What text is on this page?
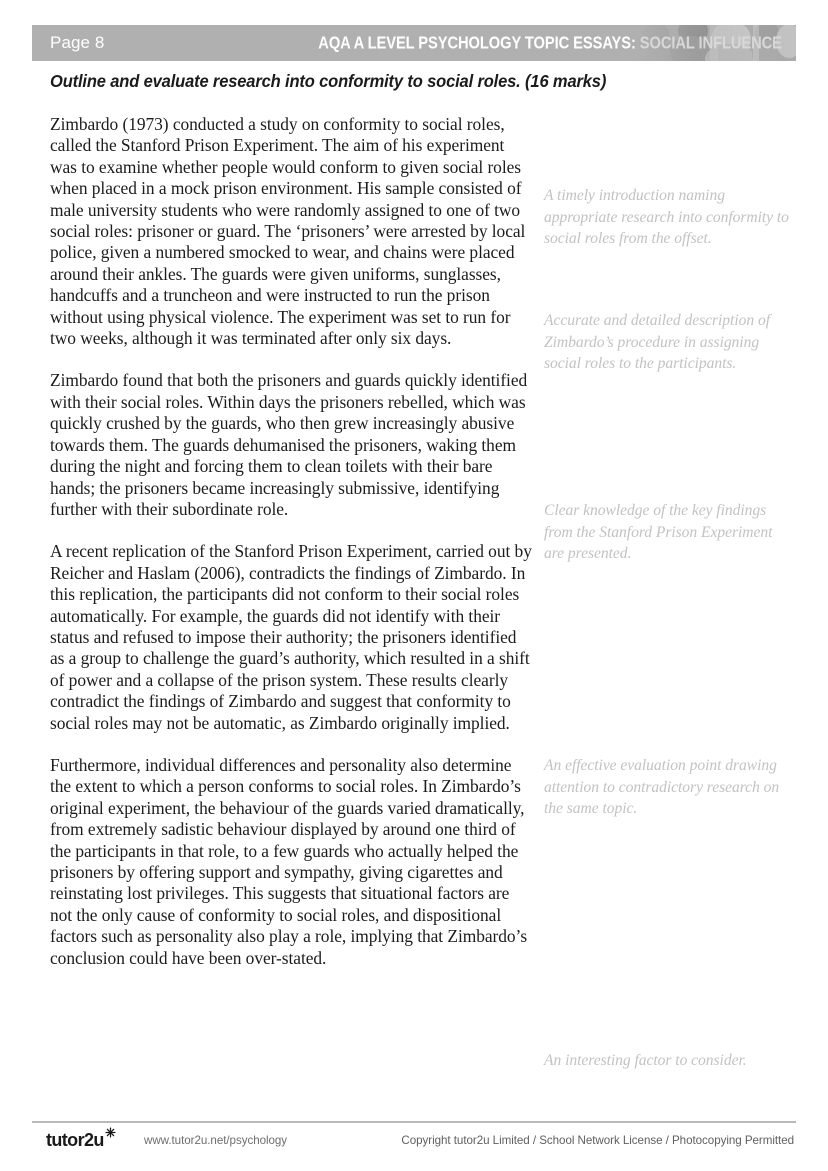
Page 8	AQA A LEVEL PSYCHOLOGY TOPIC ESSAYS: SOCIAL INFLUENCE
Outline and evaluate research into conformity to social roles. (16 marks)

Zimbardo (1973) conducted a study on conformity to social roles, called the Stanford Prison Experiment. The aim of his experiment was to examine whether people would conform to given social roles when placed in a mock prison environment. His sample consisted of male university students who were randomly assigned to one of two social roles: prisoner or guard. The ‘prisoners’ were arrested by local police, given a numbered smocked to wear, and chains were placed around their ankles. The guards were given uniforms, sunglasses, handcuffs and a truncheon and were instructed to run the prison without using physical violence. The experiment was set to run for two weeks, although it was terminated after only six days.

Zimbardo found that both the prisoners and guards quickly identified with their social roles. Within days the prisoners rebelled, which was quickly crushed by the guards, who then grew increasingly abusive towards them. The guards dehumanised the prisoners, waking them during the night and forcing them to clean toilets with their bare hands; the prisoners became increasingly submissive, identifying further with their subordinate role.

A recent replication of the Stanford Prison Experiment, carried out by Reicher and Haslam (2006), contradicts the findings of Zimbardo. In this replication, the participants did not conform to their social roles automatically. For example, the guards did not identify with their status and refused to impose their authority; the prisoners identified as a group to challenge the guard’s authority, which resulted in a shift of power and a collapse of the prison system. These results clearly contradict the findings of Zimbardo and suggest that conformity to social roles may not be automatic, as Zimbardo originally implied.

Furthermore, individual differences and personality also determine the extent to which a person conforms to social roles. In Zimbardo’s original experiment, the behaviour of the guards varied dramatically, from extremely sadistic behaviour displayed by around one third of the participants in that role, to a few guards who actually helped the prisoners by offering support and sympathy, giving cigarettes and reinstating lost privileges. This suggests that situational factors are not the only cause of conformity to social roles, and dispositional factors such as personality also play a role, implying that Zimbardo’s conclusion could have been over-stated.

A timely introduction naming appropriate research into conformity to social roles from the offset.
Accurate and detailed description of Zimbardo’s procedure in assigning social roles to the participants.
Clear knowledge of the key findings from the Stanford Prison Experiment are presented.
An effective evaluation point drawing attention to contradictory research on the same topic.
An interesting factor to consider.
tutor2u	www.tutor2u.net/psychology	Copyright tutor2u Limited / School Network License / Photocopying Permitted
